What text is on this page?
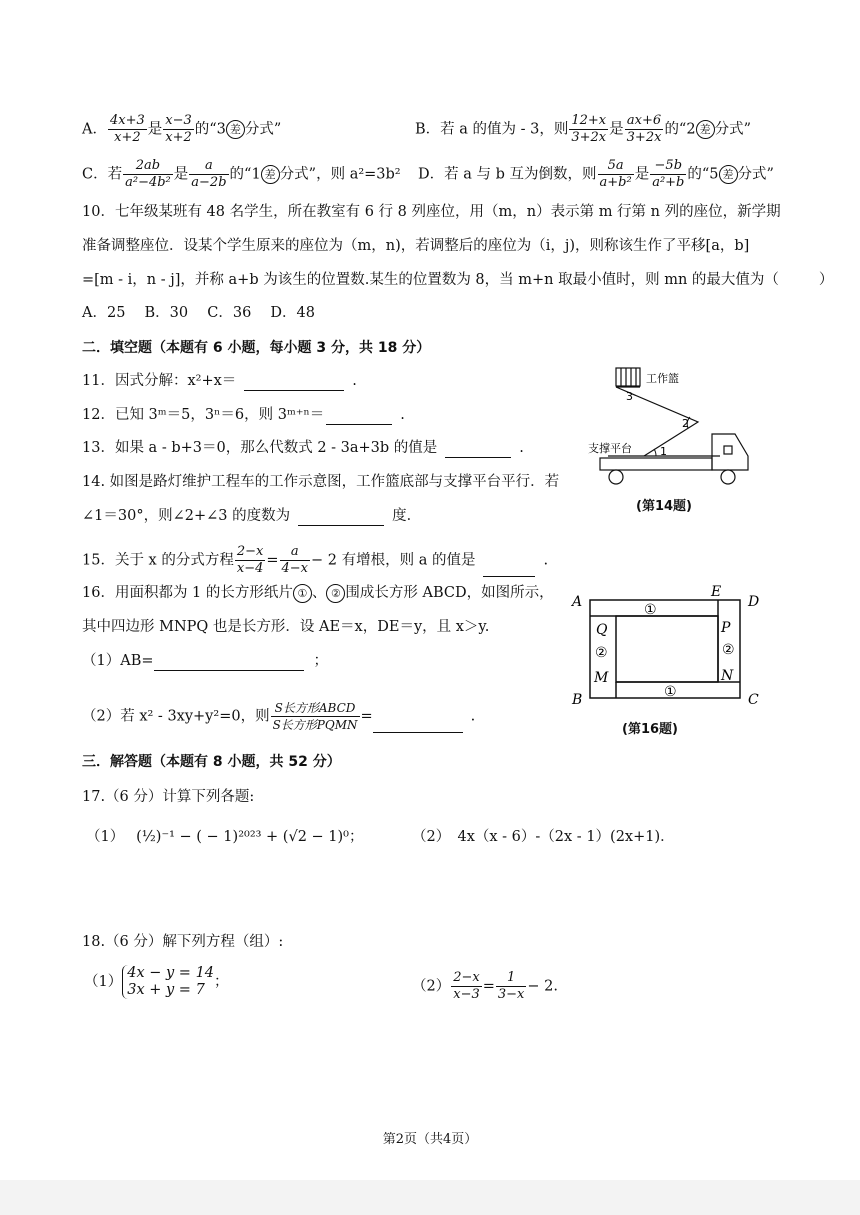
A． $\frac{4x+3}{x+2}$ 是 $\frac{x-3}{x+2}$ 的“3 差 分式”	B．若 a 的值为 - 3，则 $\frac{12+x}{3+2x}$ 是 $\frac{ax+6}{3+2x}$ 的“2 差 分式”
C．若 $\frac{2ab}{\text{a²−4b²}}$ 是 $\frac{a}{a-2b}$ 的“1 差 分式”，则 a²=3b² D．若 a 与 b 互为倒数，则 $\frac{5a}{\text{a+b²}}$ 是 $\frac{-5b}{\text{a²+b}}$ 的“5 差 分式”
10．七年级某班有 48 名学生，所在教室有 6 行 8 列座位，用（m，n）表示第 m 行第 n 列的座位，新学期
准备调整座位．设某个学生原来的座位为（m，n)，若调整后的座位为（i，j)，则称该生作了平移[a，b]
=[m - i，n - j]，并称 a+b 为该生的位置数.某生的位置数为 8，当 m+n 取最小值时，则 mn 的最大值为（	）
A．25　 B．30　 C．36　 D．48
二．填空题（本题有 6 小题，每小题 3 分，共 18 分）
11．因式分解：x²+x＝	.
12．已知 3ᵐ＝5，3ⁿ＝6，则 3ᵐ⁺ⁿ＝	.
13．如果 a - b+3＝0，那么代数式 2 - 3a+3b 的值是	.
14. 如图是路灯维护工程车的工作示意图，工作篮底部与支撑平台平行．若
∠1＝30°，则∠2+∠3 的度数为	度．
15．关于 x 的分式方程 $\frac{2-x}{x-4} = \frac{a}{4-x} - 2$ 有增根，则 a 的值是	.
16．用面积都为 1 的长方形纸片 ① 、 ② 围成长方形 ABCD，如图所示，
其中四边形 MNPQ 也是长方形．设 AE＝x，DE＝y，且 x＞y.
（1）AB=	；
（2）若 x² - 3xy+y²=0，则 $\frac{\text{S长方形ABCD}}{\text{S长方形PQMN}}$ =	.
三．解答题（本题有 8 小题，共 52 分）
17.（6 分）计算下列各题:
（1）　 (½)⁻¹ − ( − 1)²⁰²³ + (√2 − 1)⁰；	（2）　4x（x - 6）-（2x - 1）(2x+1)．
18.（6 分）解下列方程（组）:
（1）
4x − y = 14
3x + y = 7 ；	$(2) \frac{2-x}{x-3} = \frac{1}{3-x} - 2$.
1
2
3
工作篮
支撑平台
(第14题)
A
B	C
D
E
P
Q
M	N
①
①
②	②
(第16题)
第2页（共4页）
